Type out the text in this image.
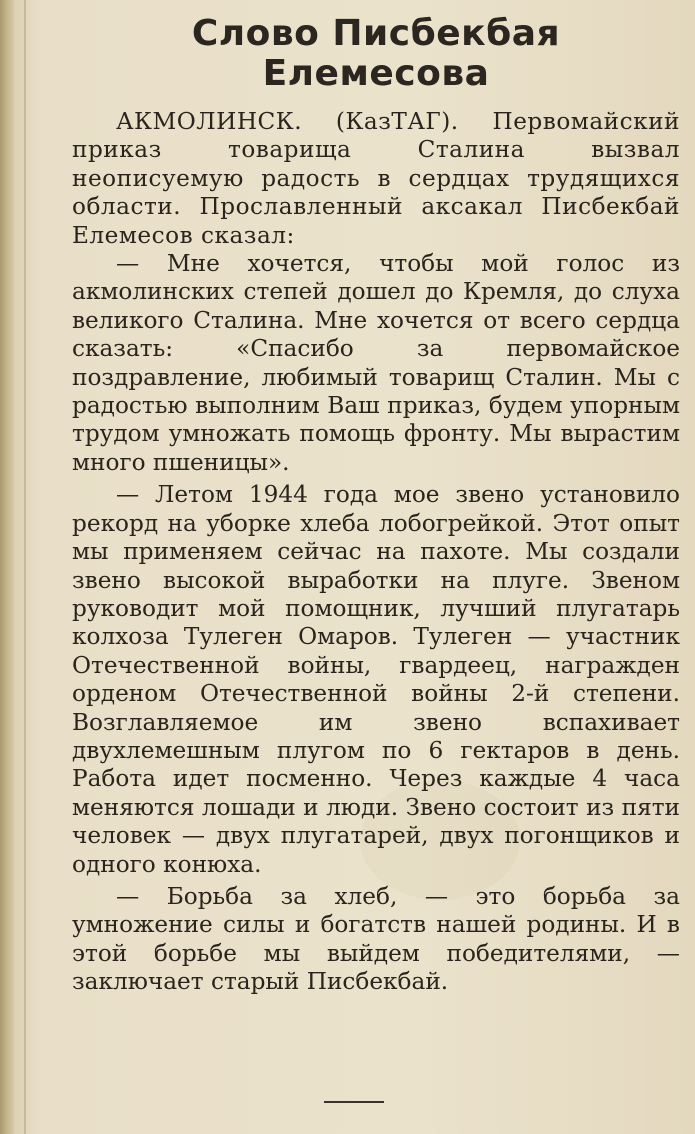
Слово Писбекбая
Елемесова

АКМОЛИНСК. (КазТАГ). Первомайский приказ товарища Сталина вызвал неописуемую радость в сердцах трудящихся области. Прославленный аксакал Писбекбай Елемесов сказал:

— Мне хочется, чтобы мой голос из акмолинских степей дошел до Кремля, до слуха великого Сталина. Мне хочется от всего сердца сказать: «Спасибо за первомайское поздравление, любимый товарищ Сталин. Мы с радостью выполним Ваш приказ, будем упорным трудом умножать помощь фронту. Мы вырастим много пшеницы».

— Летом 1944 года мое звено установило рекорд на уборке хлеба лобогрейкой. Этот опыт мы применяем сейчас на пахоте. Мы создали звено высокой выработки на плуге. Звеном руководит мой помощник, лучший плугатарь колхоза Тулеген Омаров. Тулеген — участник Отечественной войны, гвардеец, награжден орденом Отечественной войны 2-й степени. Возглавляемое им звено вспахивает двухлемешным плугом по 6 гектаров в день. Работа идет посменно. Через каждые 4 часа меняются лошади и люди. Звено состоит из пяти человек — двух плугатарей, двух погонщиков и одного конюха.

— Борьба за хлеб, — это борьба за умножение силы и богатств нашей родины. И в этой борьбе мы выйдем победителями, — заключает старый Писбекбай.
